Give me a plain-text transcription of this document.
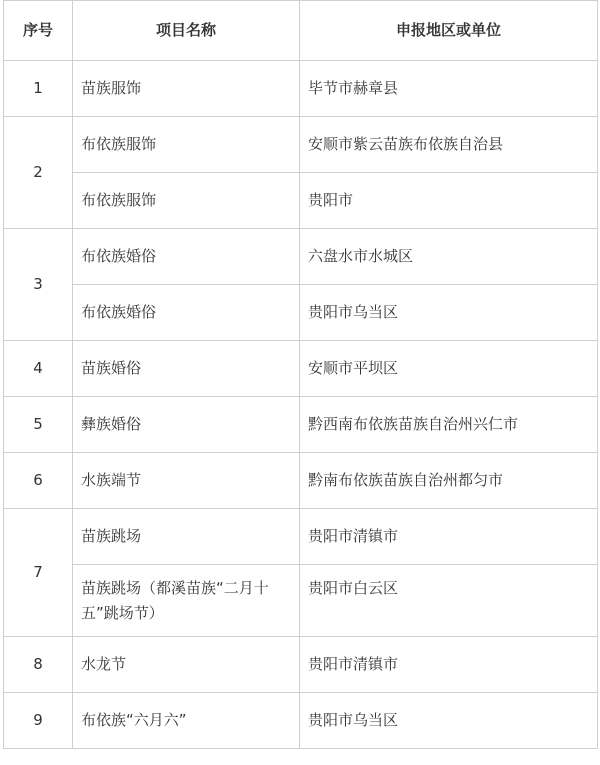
序号	项目名称	申报地区或单位
1	苗族服饰	毕节市赫章县
2	布依族服饰	安顺市紫云苗族布依族自治县
	布依族服饰	贵阳市
3	布依族婚俗	六盘水市水城区
	布依族婚俗	贵阳市乌当区
4	苗族婚俗	安顺市平坝区
5	彝族婚俗	黔西南布依族苗族自治州兴仁市
6	水族端节	黔南布依族苗族自治州都匀市
7	苗族跳场	贵阳市清镇市
	苗族跳场（都溪苗族“二月十五”跳场节）	贵阳市白云区
8	水龙节	贵阳市清镇市
9	布依族“六月六”	贵阳市乌当区
